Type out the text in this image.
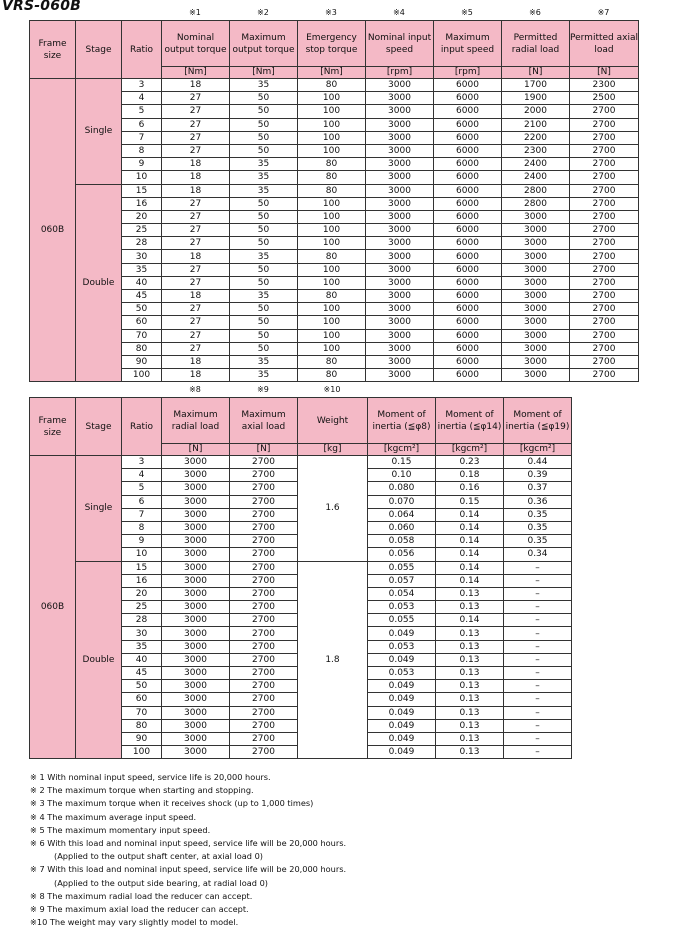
VRS-060B	※1	※2	※3	※4	※5	※6	※7
Frame size	Stage	Ratio	Nominal output torque	Maximum output torque	Emergency stop torque	Nominal input speed	Maximum input speed	Permitted radial load	Permitted axial load
			[Nm]	[Nm]	[Nm]	[rpm]	[rpm]	[N]	[N]
060B	Single	3	18	35	80	3000	6000	1700	2300
		4	27	50	100	3000	6000	1900	2500
		5	27	50	100	3000	6000	2000	2700
		6	27	50	100	3000	6000	2100	2700
		7	27	50	100	3000	6000	2200	2700
		8	27	50	100	3000	6000	2300	2700
		9	18	35	80	3000	6000	2400	2700
		10	18	35	80	3000	6000	2400	2700
	Double	15	18	35	80	3000	6000	2800	2700
		16	27	50	100	3000	6000	2800	2700
		20	27	50	100	3000	6000	3000	2700
		25	27	50	100	3000	6000	3000	2700
		28	27	50	100	3000	6000	3000	2700
		30	18	35	80	3000	6000	3000	2700
		35	27	50	100	3000	6000	3000	2700
		40	27	50	100	3000	6000	3000	2700
		45	18	35	80	3000	6000	3000	2700
		50	27	50	100	3000	6000	3000	2700
		60	27	50	100	3000	6000	3000	2700
		70	27	50	100	3000	6000	3000	2700
		80	27	50	100	3000	6000	3000	2700
		90	18	35	80	3000	6000	3000	2700
		100	18	35	80	3000	6000	3000	2700
※8	※9	※10
Frame size	Stage	Ratio	Maximum radial load	Maximum axial load	Weight	Moment of inertia (≦φ8)	Moment of inertia (≦φ14)	Moment of inertia (≦φ19)
			[N]	[N]	[kg]	[kgcm²]	[kgcm²]	[kgcm²]
060B	Single	3	3000	2700	1.6	0.15	0.23	0.44
		4	3000	2700		0.10	0.18	0.39
		5	3000	2700		0.080	0.16	0.37
		6	3000	2700		0.070	0.15	0.36
		7	3000	2700		0.064	0.14	0.35
		8	3000	2700		0.060	0.14	0.35
		9	3000	2700		0.058	0.14	0.35
		10	3000	2700		0.056	0.14	0.34
	Double	15	3000	2700	1.8	0.055	0.14	–
		16	3000	2700		0.057	0.14	–
		20	3000	2700		0.054	0.13	–
		25	3000	2700		0.053	0.13	–
		28	3000	2700		0.055	0.14	–
		30	3000	2700		0.049	0.13	–
		35	3000	2700		0.053	0.13	–
		40	3000	2700		0.049	0.13	–
		45	3000	2700		0.053	0.13	–
		50	3000	2700		0.049	0.13	–
		60	3000	2700		0.049	0.13	–
		70	3000	2700		0.049	0.13	–
		80	3000	2700		0.049	0.13	–
		90	3000	2700		0.049	0.13	–
		100	3000	2700		0.049	0.13	–
※ 1 With nominal input speed, service life is 20,000 hours.
※ 2 The maximum torque when starting and stopping.
※ 3 The maximum torque when it receives shock (up to 1,000 times)
※ 4 The maximum average input speed.
※ 5 The maximum momentary input speed.
※ 6 With this load and nominal input speed, service life will be 20,000 hours.
(Applied to the output shaft center, at axial load 0)
※ 7 With this load and nominal input speed, service life will be 20,000 hours.
(Applied to the output side bearing, at radial load 0)
※ 8 The maximum radial load the reducer can accept.
※ 9 The maximum axial load the reducer can accept.
※10 The weight may vary slightly model to model.
